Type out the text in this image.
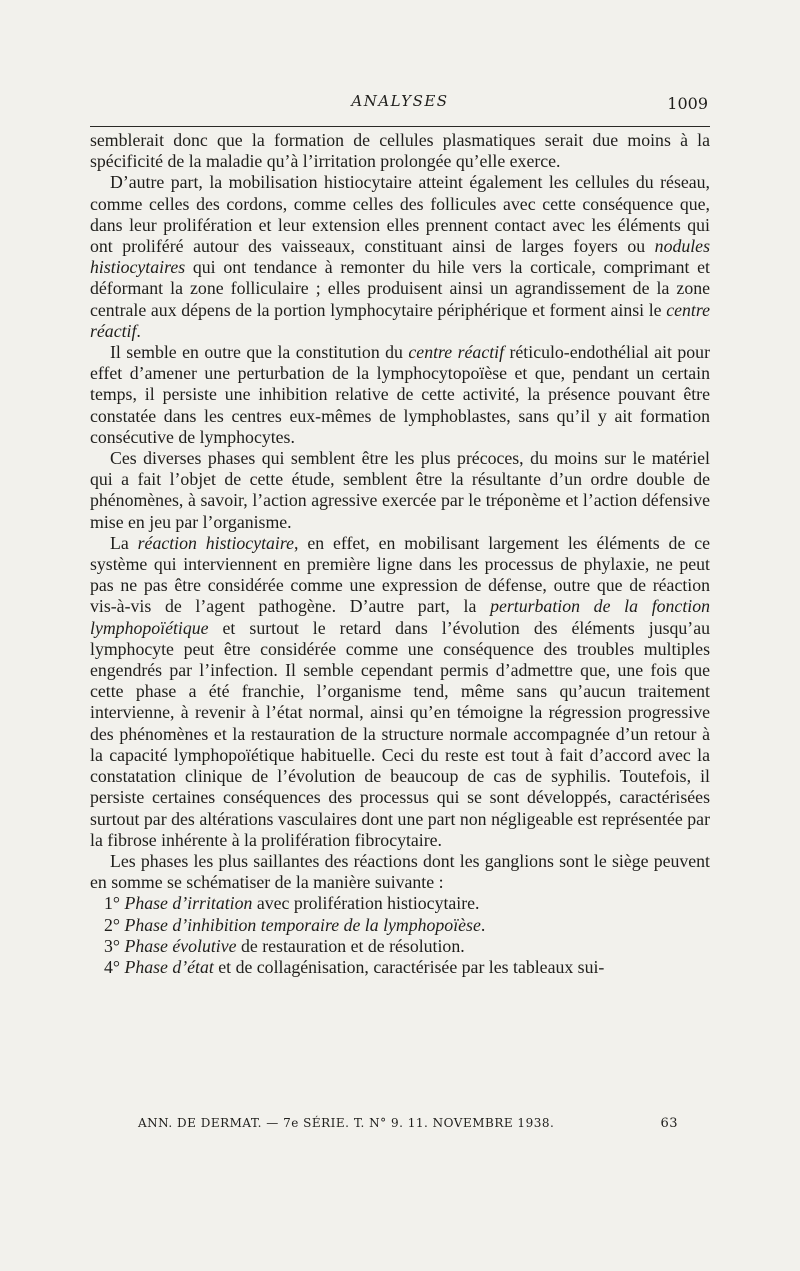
ANALYSES	1009

semblerait donc que la formation de cellules plasmatiques serait due moins à la spécificité de la maladie qu’à l’irritation prolongée qu’elle exerce.

D’autre part, la mobilisation histiocytaire atteint également les cellules du réseau, comme celles des cordons, comme celles des follicules avec cette conséquence que, dans leur prolifération et leur extension elles prennent contact avec les éléments qui ont proliféré autour des vaisseaux, constituant ainsi de larges foyers ou nodules histiocytaires qui ont tendance à remonter du hile vers la corticale, comprimant et déformant la zone folliculaire ; elles produisent ainsi un agrandissement de la zone centrale aux dépens de la portion lymphocytaire périphérique et forment ainsi le centre réactif.

Il semble en outre que la constitution du centre réactif réticulo-endothélial ait pour effet d’amener une perturbation de la lymphocytopoïèse et que, pendant un certain temps, il persiste une inhibition relative de cette activité, la présence pouvant être constatée dans les centres eux-mêmes de lymphoblastes, sans qu’il y ait formation consécutive de lymphocytes.

Ces diverses phases qui semblent être les plus précoces, du moins sur le matériel qui a fait l’objet de cette étude, semblent être la résultante d’un ordre double de phénomènes, à savoir, l’action agressive exercée par le tréponème et l’action défensive mise en jeu par l’organisme.

La réaction histiocytaire, en effet, en mobilisant largement les éléments de ce système qui interviennent en première ligne dans les processus de phylaxie, ne peut pas ne pas être considérée comme une expression de défense, outre que de réaction vis-à-vis de l’agent pathogène. D’autre part, la perturbation de la fonction lymphopoïétique et surtout le retard dans l’évolution des éléments jusqu’au lymphocyte peut être considérée comme une conséquence des troubles multiples engendrés par l’infection. Il semble cependant permis d’admettre que, une fois que cette phase a été franchie, l’organisme tend, même sans qu’aucun traitement intervienne, à revenir à l’état normal, ainsi qu’en témoigne la régression progressive des phénomènes et la restauration de la structure normale accompagnée d’un retour à la capacité lymphopoïétique habituelle. Ceci du reste est tout à fait d’accord avec la constatation clinique de l’évolution de beaucoup de cas de syphilis. Toutefois, il persiste certaines conséquences des processus qui se sont développés, caractérisées surtout par des altérations vasculaires dont une part non négligeable est représentée par la fibrose inhérente à la prolifération fibrocytaire.

Les phases les plus saillantes des réactions dont les ganglions sont le siège peuvent en somme se schématiser de la manière suivante :

1° Phase d’irritation avec prolifération histiocytaire.

2° Phase d’inhibition temporaire de la lymphopoïèse.

3° Phase évolutive de restauration et de résolution.

4° Phase d’état et de collagénisation, caractérisée par les tableaux sui-

ANN. DE DERMAT. — 7e SÉRIE. T. N° 9. 11. NOVEMBRE 1938.	63
